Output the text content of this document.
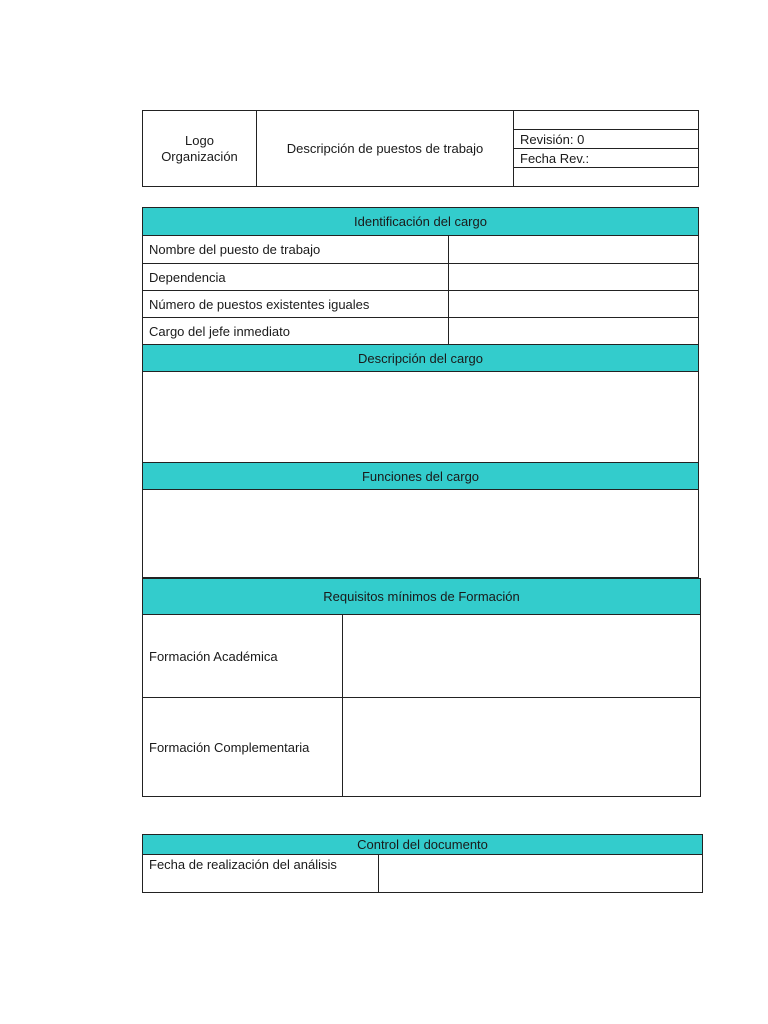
Logo
Organización	Descripción de puestos de trabajo
Revisión: 0
Fecha Rev.:
Identificación del cargo
Nombre del puesto de trabajo
Dependencia
Número de puestos existentes iguales
Cargo del jefe inmediato
Descripción del cargo
Funciones del cargo
Requisitos mínimos de Formación
Formación Académica
Formación Complementaria
Control del documento
Fecha de realización del análisis
